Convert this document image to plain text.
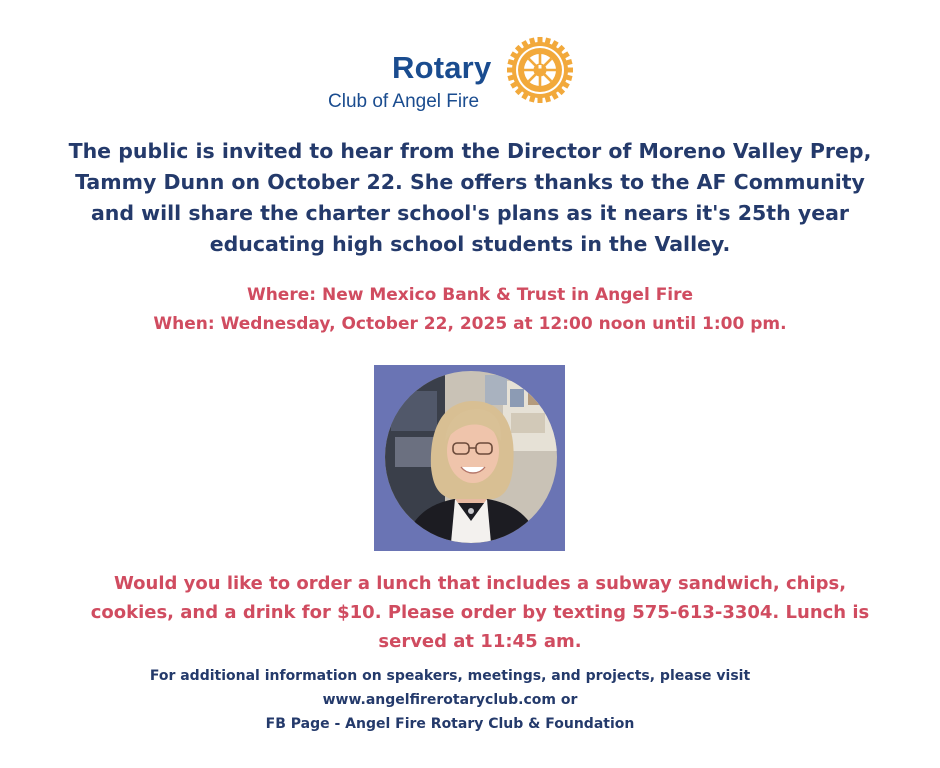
Rotary
Club of Angel Fire

The public is invited to hear from the Director of Moreno Valley Prep,

Tammy Dunn on October 22. She offers thanks to the AF Community

and will share the charter school's plans as it nears it's 25th year

educating high school students in the Valley.

Where: New Mexico Bank & Trust in Angel Fire

When: Wednesday, October 22, 2025 at 12:00 noon until 1:00 pm.

Would you like to order a lunch that includes a subway sandwich, chips,

cookies, and a drink for $10. Please order by texting 575-613-3304. Lunch is

served at 11:45 am.

For additional information on speakers, meetings, and projects, please visit

www.angelfirerotaryclub.com or

FB Page - Angel Fire Rotary Club & Foundation
